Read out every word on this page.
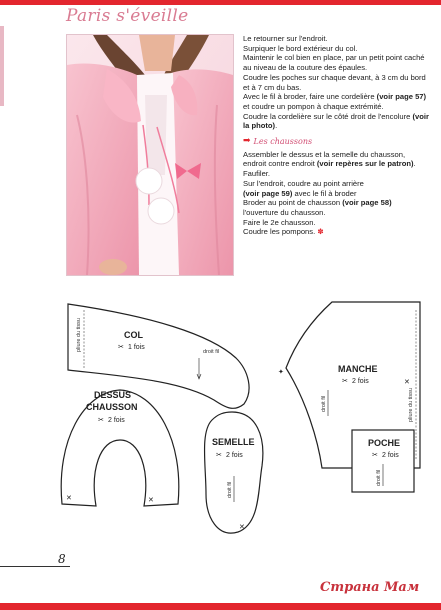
Paris s'éveille

Le retourner sur l'endroit.

Surpiquer le bord extérieur du col.

Maintenir le col bien en place, par un petit point caché au niveau de la couture des épaules.

Coudre les poches sur chaque devant, à 3 cm du bord et à 7 cm du bas.

Avec le fil à broder, faire une cordelière (voir page 57) et coudre un pompon à chaque extrémité.

Coudre la cordelière sur le côté droit de l'encolure (voir la photo).

➡ Les chaussons

Assembler le dessus et la semelle du chausson, endroit contre endroit (voir repères sur le patron).

Faufiler.

Sur l'endroit, coudre au point arrière

(voir page 59) avec le fil à broder

Broder au point de chausson (voir page 58)

l'ouverture du chausson.

Faire le 2e chausson.

Coudre les pompons. ✽

pliure du tissu	COL
✂ 1 fois
droit fil
pliure du tissu
MANCHE
✂ 2 fois
droit fil
✦
✕
POCHE
✂ 2 fois
droit fil
DESSUS
CHAUSSON
✂ 2 fois
✕	✕
SEMELLE
✂ 2 fois
droit fil
✕
8
Страна Мам
